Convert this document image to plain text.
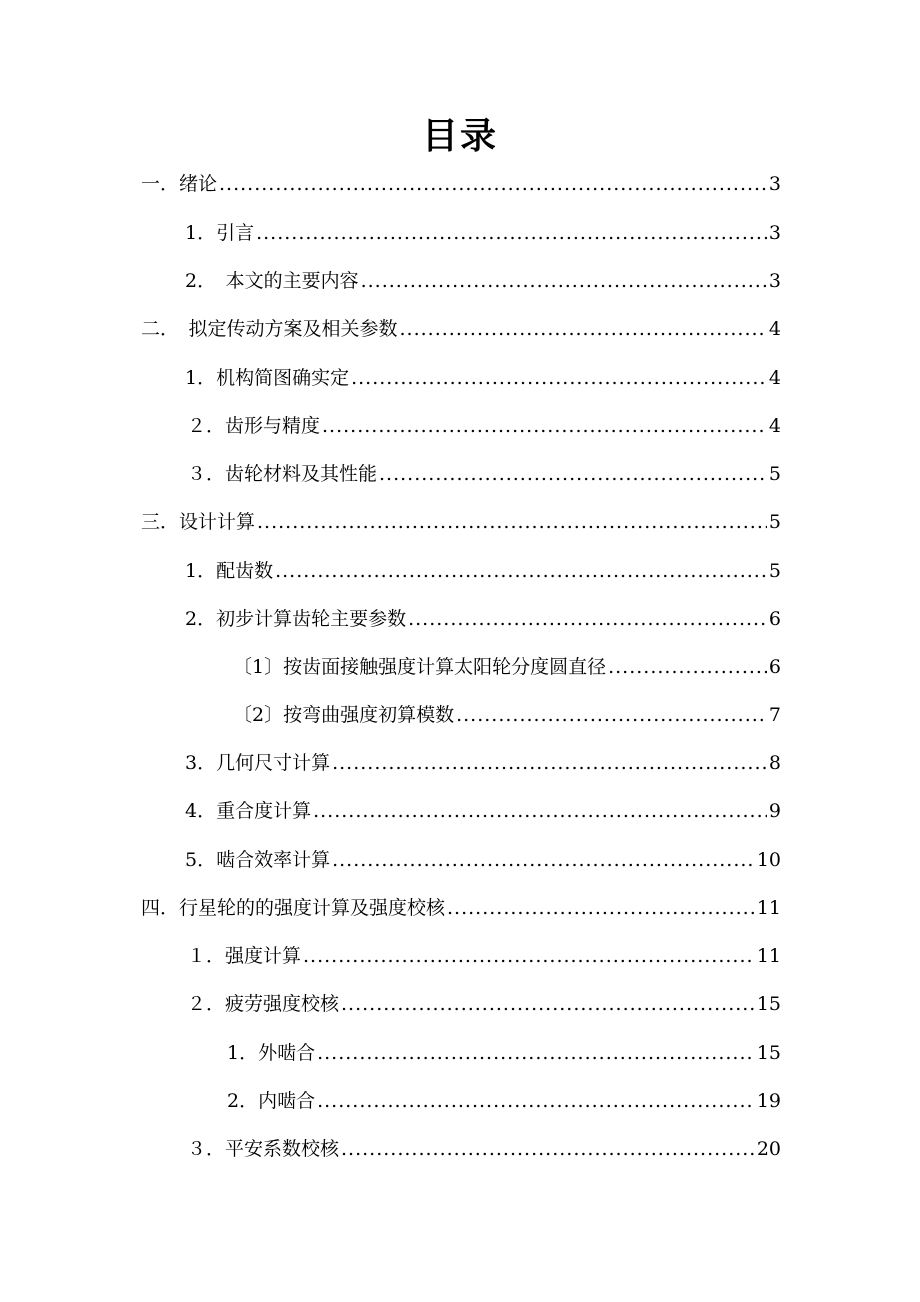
目录
一．绪论 .....	3
1．引言 .....	3
2．　本文的主要内容 .....	3
二．　拟定传动方案及相关参数 .....	4
1．机构简图确实定 .....	4
２．齿形与精度 .....	4
３．齿轮材料及其性能 .....	5
三．设计计算 .....	5
1．配齿数 .....	5
2．初步计算齿轮主要参数 .....	6
〔1〕按齿面接触强度计算太阳轮分度圆直径 .....	6
〔2〕按弯曲强度初算模数 .....	7
3．几何尺寸计算 .....	8
4．重合度计算 .....	9
5．啮合效率计算 .....	10
四．行星轮的的强度计算及强度校核 .....	11
１．强度计算 .....	11
２．疲劳强度校核 .....	15
1．外啮合 .....	15
2．内啮合 .....	19
３．平安系数校核 .....	20
